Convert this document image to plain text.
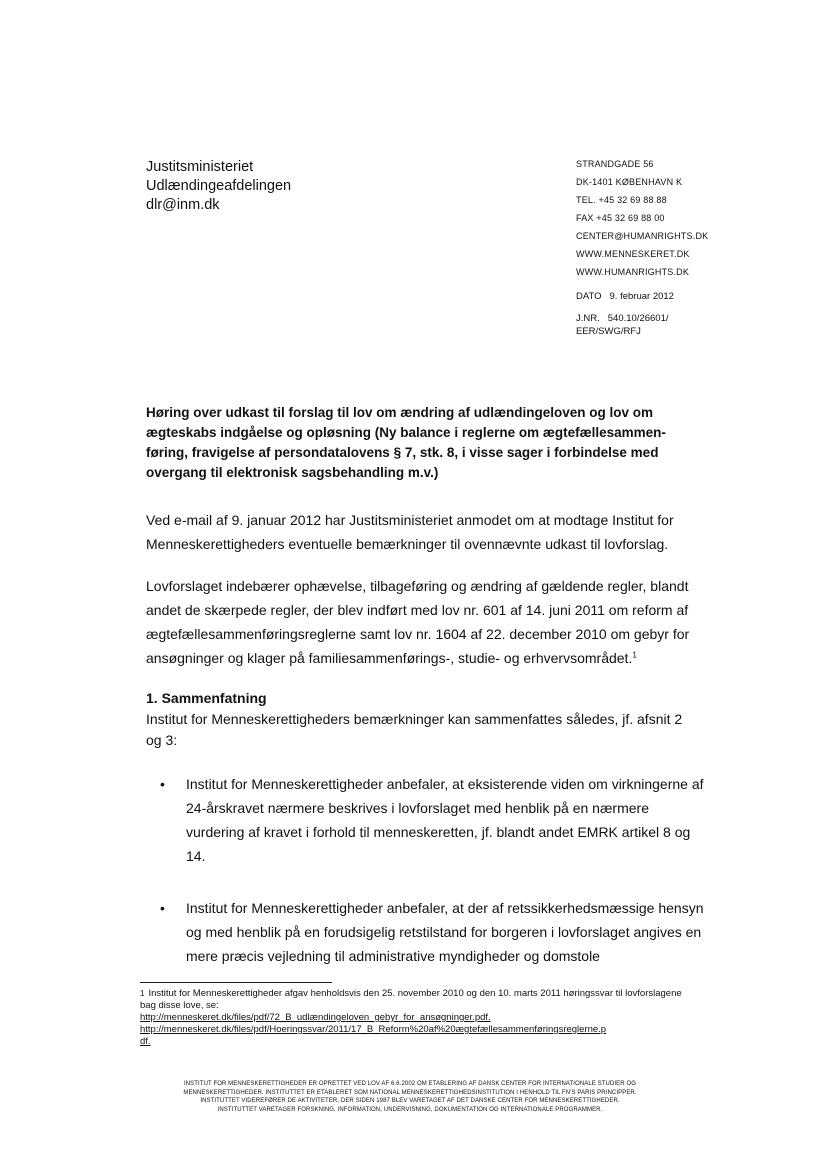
Justitsministeriet
Udlændingeafdelingen
dlr@inm.dk
STRANDGADE 56
DK-1401 KØBENHAVN K
TEL. +45 32 69 88 88
FAX +45 32 69 88 00
CENTER@HUMANRIGHTS.DK
WWW.MENNESKERET.DK
WWW.HUMANRIGHTS.DK
DATO 9. februar 2012
J.NR. 540.10/26601/
EER/SWG/RFJ
Høring over udkast til forslag til lov om ændring af udlændingeloven og lov om ægteskabs indgåelse og opløsning (Ny balance i reglerne om ægtefællesammen-føring, fravigelse af persondatalovens § 7, stk. 8, i visse sager i forbindelse med overgang til elektronisk sagsbehandling m.v.)
Ved e-mail af 9. januar 2012 har Justitsministeriet anmodet om at modtage Institut for Menneskerettigheders eventuelle bemærkninger til ovennævnte udkast til lovforslag.
Lovforslaget indebærer ophævelse, tilbageføring og ændring af gældende regler, blandt andet de skærpede regler, der blev indført med lov nr. 601 af 14. juni 2011 om reform af ægtefællesammenføringsreglerne samt lov nr. 1604 af 22. december 2010 om gebyr for ansøgninger og klager på familiesammenførings-, studie- og erhvervsområdet.$^1$
1. Sammenfatning
Institut for Menneskerettigheders bemærkninger kan sammenfattes således, jf. afsnit 2 og 3:
• Institut for Menneskerettigheder anbefaler, at eksisterende viden om virkningerne af 24-årskravet nærmere beskrives i lovforslaget med henblik på en nærmere vurdering af kravet i forhold til menneskeretten, jf. blandt andet EMRK artikel 8 og 14.
• Institut for Menneskerettigheder anbefaler, at der af retssikkerhedsmæssige hensyn og med henblik på en forudsigelig retstilstand for borgeren i lovforslaget angives en mere præcis vejledning til administrative myndigheder og domstole
$^1$ Institut for Menneskerettigheder afgav henholdsvis den 25. november 2010 og den 10. marts 2011 høringssvar til lovforslagene bag disse love, se:
http://menneskeret.dk/files/pdf/72_B_udlændingeloven_gebyr_for_ansøgninger.pdf.
http://menneskeret.dk/files/pdf/Hoeringssvar/2011/17_B_Reform%20af%20ægtefællesammenføringsreglerne.p
df.
INSTITUT FOR MENNESKERETTIGHEDER ER OPRETTET VED LOV AF 6.6.2002 OM ETABLERING AF DANSK CENTER FOR INTERNATIONALE STUDIER OG
MENNESKERETTIGHEDER. INSTITUTTET ER ETABLERET SOM NATIONAL MENNESKERETTIGHEDSINSTITUTION I HENHOLD TIL FN'S PARIS PRINCIPPER.
INSTITUTTET VIDEREFØRER DE AKTIVITETER, DER SIDEN 1987 BLEV VARETAGET AF DET DANSKE CENTER FOR MENNESKERETTIGHEDER.
INSTITUTTET VARETAGER FORSKNING, INFORMATION, UNDERVISNING, DOKUMENTATION OG INTERNATIONALE PROGRAMMER.
